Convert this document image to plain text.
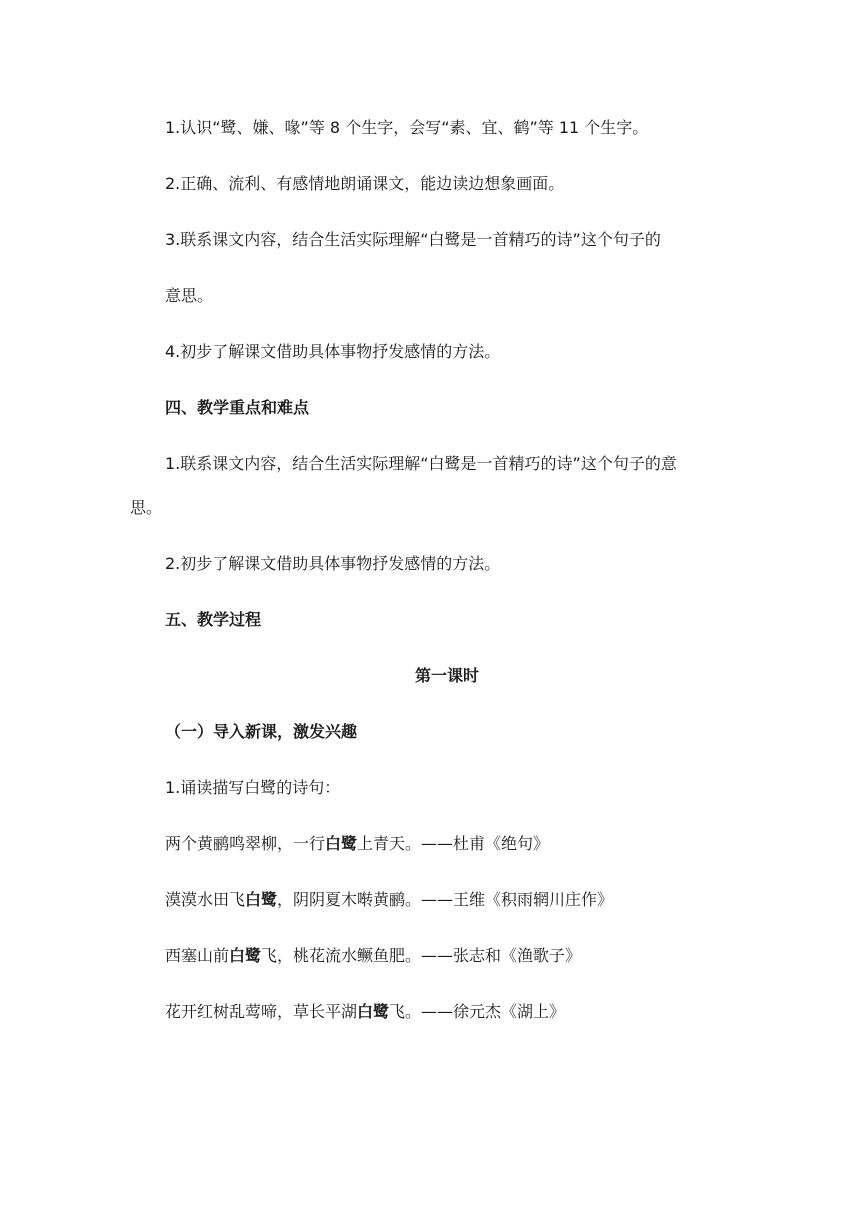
1.认识“鹭、嫌、喙”等 8 个生字，会写“素、宜、鹤”等 11 个生字。
2.正确、流利、有感情地朗诵课文，能边读边想象画面。
3.联系课文内容，结合生活实际理解“白鹭是一首精巧的诗”这个句子的
意思。
4.初步了解课文借助具体事物抒发感情的方法。
四、教学重点和难点
1.联系课文内容，结合生活实际理解“白鹭是一首精巧的诗”这个句子的意
思。
2.初步了解课文借助具体事物抒发感情的方法。
五、教学过程
第一课时
（一）导入新课，激发兴趣
1.诵读描写白鹭的诗句：
两个黄鹂鸣翠柳，一行白鹭上青天。——杜甫《绝句》
漠漠水田飞白鹭，阴阴夏木啭黄鹂。——王维《积雨辋川庄作》
西塞山前白鹭飞，桃花流水鳜鱼肥。——张志和《渔歌子》
花开红树乱莺啼，草长平湖白鹭飞。——徐元杰《湖上》
